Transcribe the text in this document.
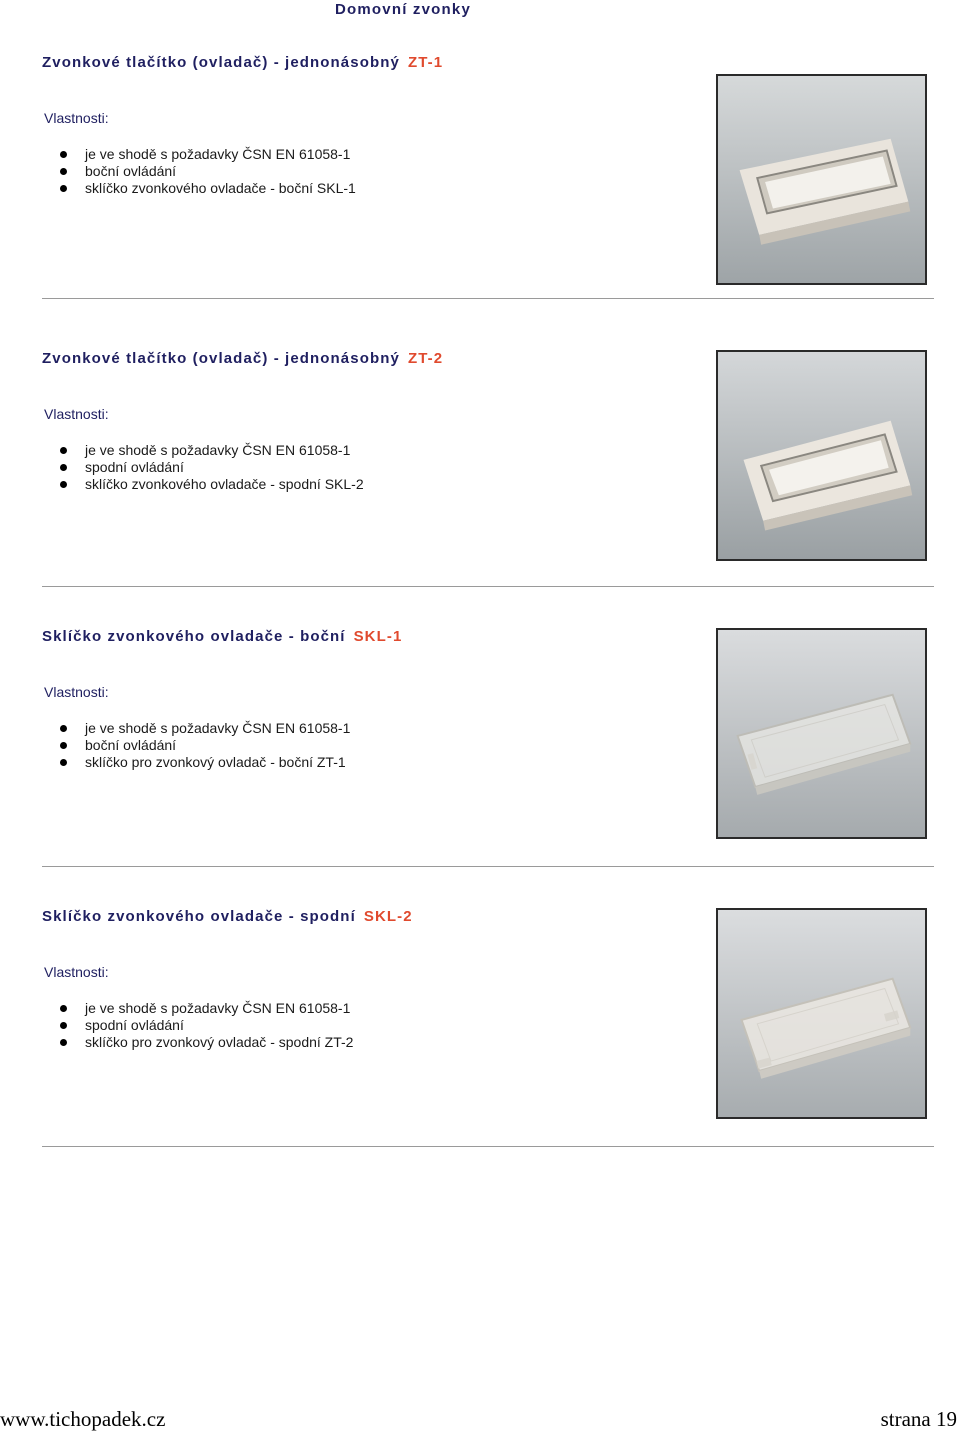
Domovní zvonky
Zvonkové tlačítko (ovladač) - jednonásobný ZT-1
Vlastnosti:
je ve shodě s požadavky ČSN EN 61058-1
boční ovládání
sklíčko zvonkového ovladače - boční SKL-1
Zvonkové tlačítko (ovladač) - jednonásobný ZT-2
Vlastnosti:
je ve shodě s požadavky ČSN EN 61058-1
spodní ovládání
sklíčko zvonkového ovladače - spodní SKL-2
Sklíčko zvonkového ovladače - boční SKL-1
Vlastnosti:
je ve shodě s požadavky ČSN EN 61058-1
boční ovládání
sklíčko pro zvonkový ovladač - boční ZT-1
Sklíčko zvonkového ovladače - spodní SKL-2
Vlastnosti:
je ve shodě s požadavky ČSN EN 61058-1
spodní ovládání
sklíčko pro zvonkový ovladač - spodní ZT-2
www.tichopadek.cz	strana 19
